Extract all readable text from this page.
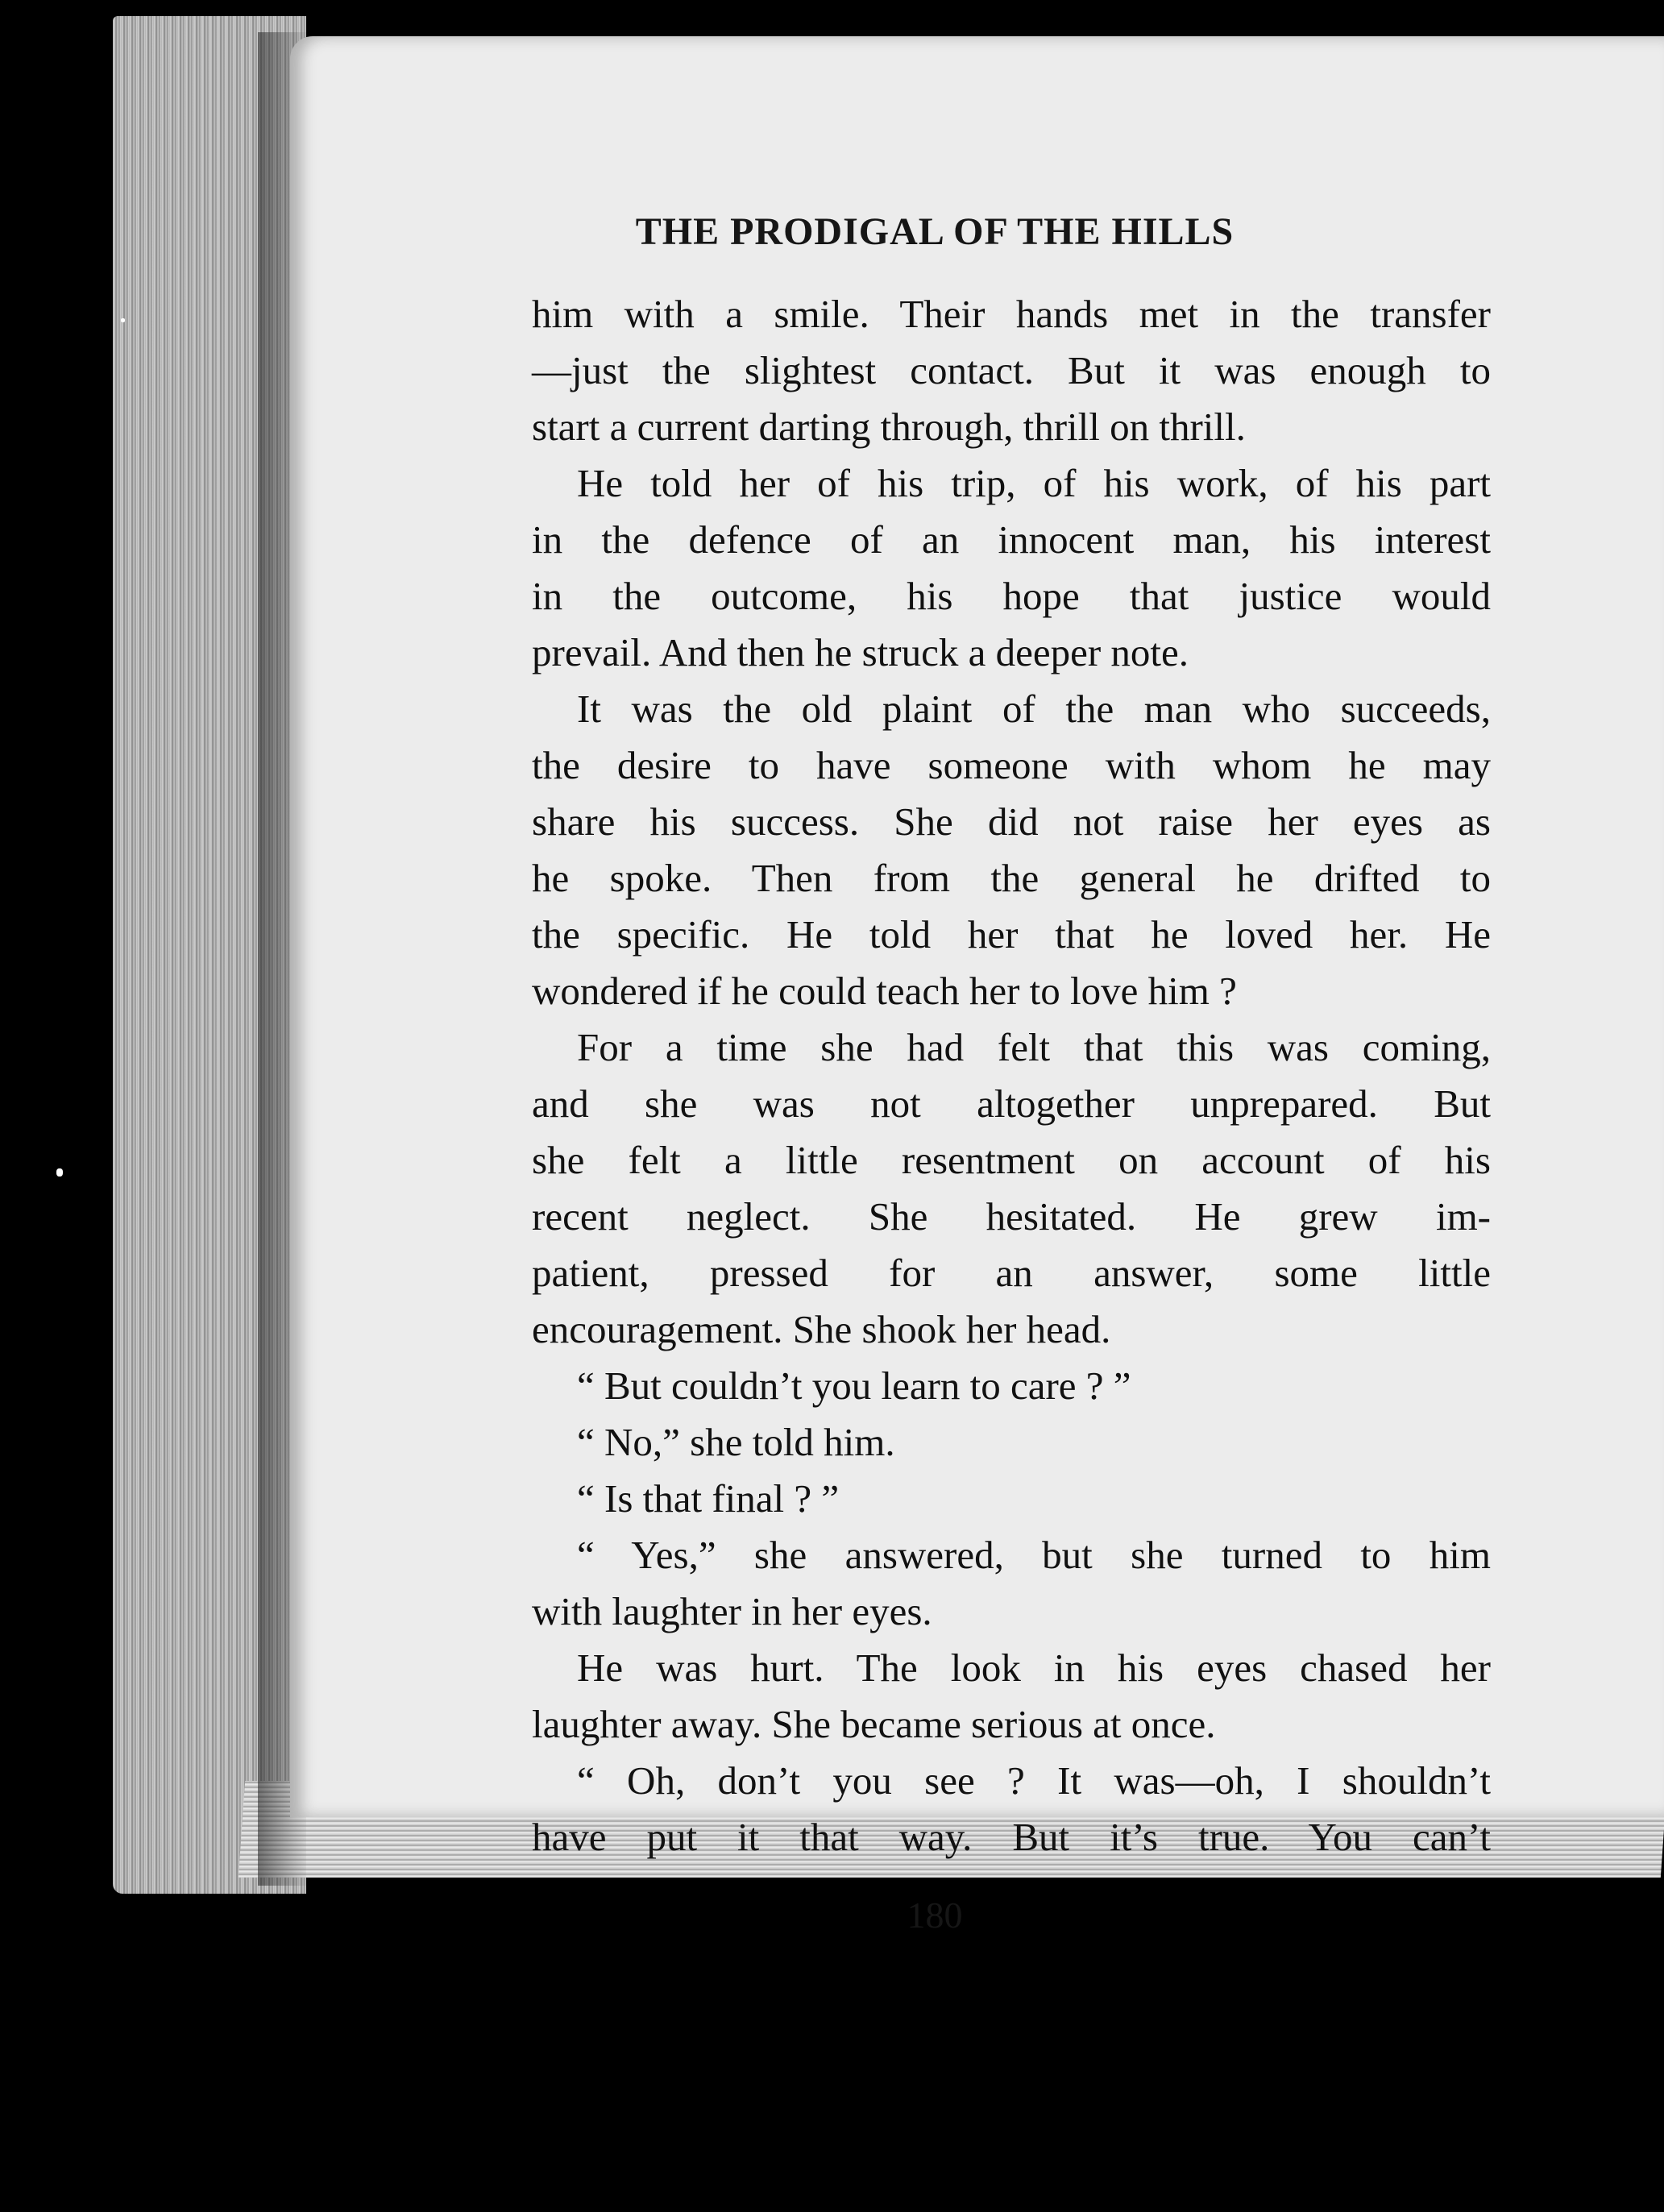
THE PRODIGAL OF THE HILLS
him with a smile. Their hands met in the transfer
—just the slightest contact. But it was enough to
start a current darting through, thrill on thrill.
He told her of his trip, of his work, of his part
in the defence of an innocent man, his interest
in the outcome, his hope that justice would
prevail. And then he struck a deeper note.
It was the old plaint of the man who succeeds,
the desire to have someone with whom he may
share his success. She did not raise her eyes as
he spoke. Then from the general he drifted to
the specific. He told her that he loved her. He
wondered if he could teach her to love him ?
For a time she had felt that this was coming,
and she was not altogether unprepared. But
she felt a little resentment on account of his
recent neglect. She hesitated. He grew im-
patient, pressed for an answer, some little
encouragement. She shook her head.
“ But couldn’t you learn to care ? ”
“ No,” she told him.
“ Is that final ? ”
“ Yes,” she answered, but she turned to him
with laughter in her eyes.
He was hurt. The look in his eyes chased her
laughter away. She became serious at once.
“ Oh, don’t you see ? It was—oh, I shouldn’t
have put it that way. But it’s true. You can’t
180
